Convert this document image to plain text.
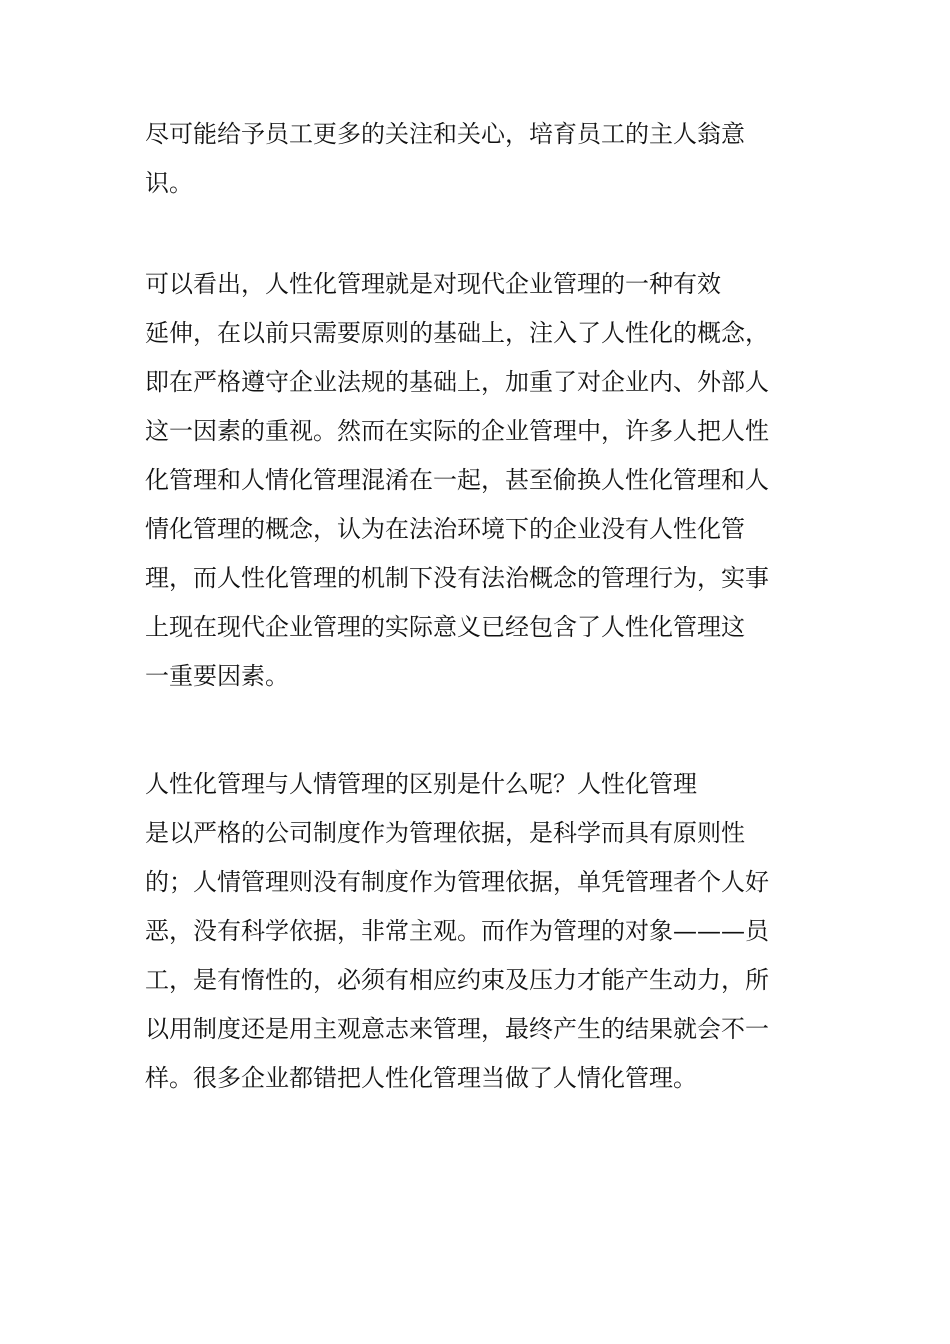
尽可能给予员工更多的关注和关心，培育员工的主人翁意
识。
可以看出，人性化管理就是对现代企业管理的一种有效
延伸，在以前只需要原则的基础上，注入了人性化的概念，
即在严格遵守企业法规的基础上，加重了对企业内、外部人
这一因素的重视。然而在实际的企业管理中，许多人把人性
化管理和人情化管理混淆在一起，甚至偷换人性化管理和人
情化管理的概念，认为在法治环境下的企业没有人性化管
理，而人性化管理的机制下没有法治概念的管理行为，实事
上现在现代企业管理的实际意义已经包含了人性化管理这
一重要因素。
人性化管理与人情管理的区别是什么呢？人性化管理
是以严格的公司制度作为管理依据，是科学而具有原则性
的；人情管理则没有制度作为管理依据，单凭管理者个人好
恶，没有科学依据，非常主观。而作为管理的对象———员
工，是有惰性的，必须有相应约束及压力才能产生动力，所
以用制度还是用主观意志来管理，最终产生的结果就会不一
样。很多企业都错把人性化管理当做了人情化管理。
